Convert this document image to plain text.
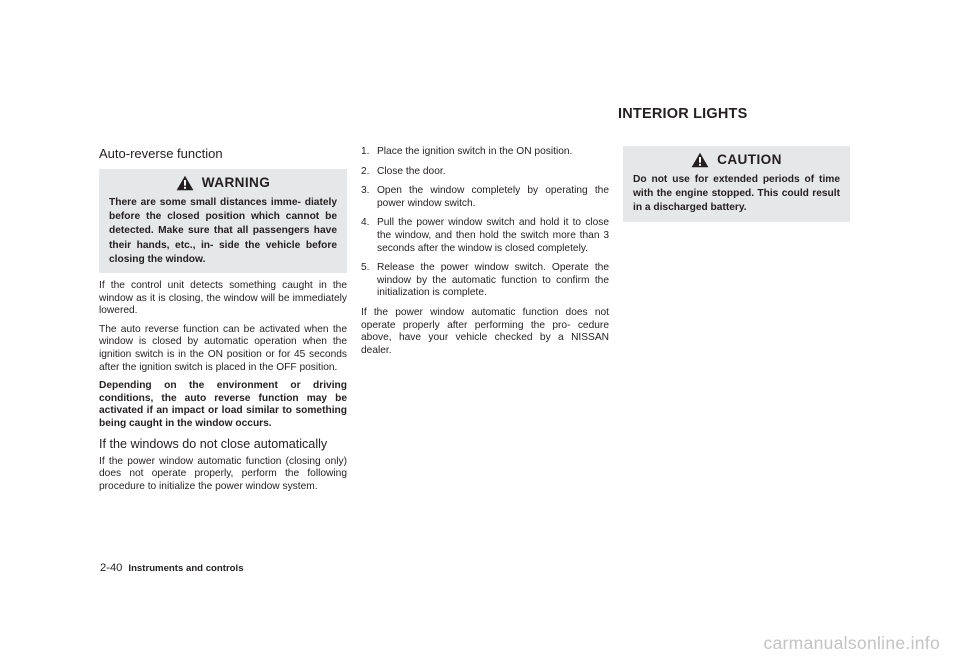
INTERIOR LIGHTS
Auto-reverse function
WARNING
There are some small distances imme- diately before the closed position which cannot be detected. Make sure that all passengers have their hands, etc., in- side the vehicle before closing the window.

If the control unit detects something caught in the window as it is closing, the window will be immediately lowered.

The auto reverse function can be activated when the window is closed by automatic operation when the ignition switch is in the ON position or for 45 seconds after the ignition switch is placed in the OFF position.

Depending on the environment or driving conditions, the auto reverse function may be activated if an impact or load similar to something being caught in the window occurs.

If the windows do not close automatically

If the power window automatic function (closing only) does not operate properly, perform the following procedure to initialize the power window system.

1. Place the ignition switch in the ON position.
2. Close the door.
3. Open the window completely by operating the power window switch.
4. Pull the power window switch and hold it to close the window, and then hold the switch more than 3 seconds after the window is closed completely.
5. Release the power window switch. Operate the window by the automatic function to confirm the initialization is complete.

If the power window automatic function does not operate properly after performing the pro- cedure above, have your vehicle checked by a NISSAN dealer.

CAUTION
Do not use for extended periods of time with the engine stopped. This could result in a discharged battery.
2-40 Instruments and controls
carmanualsonline.info
